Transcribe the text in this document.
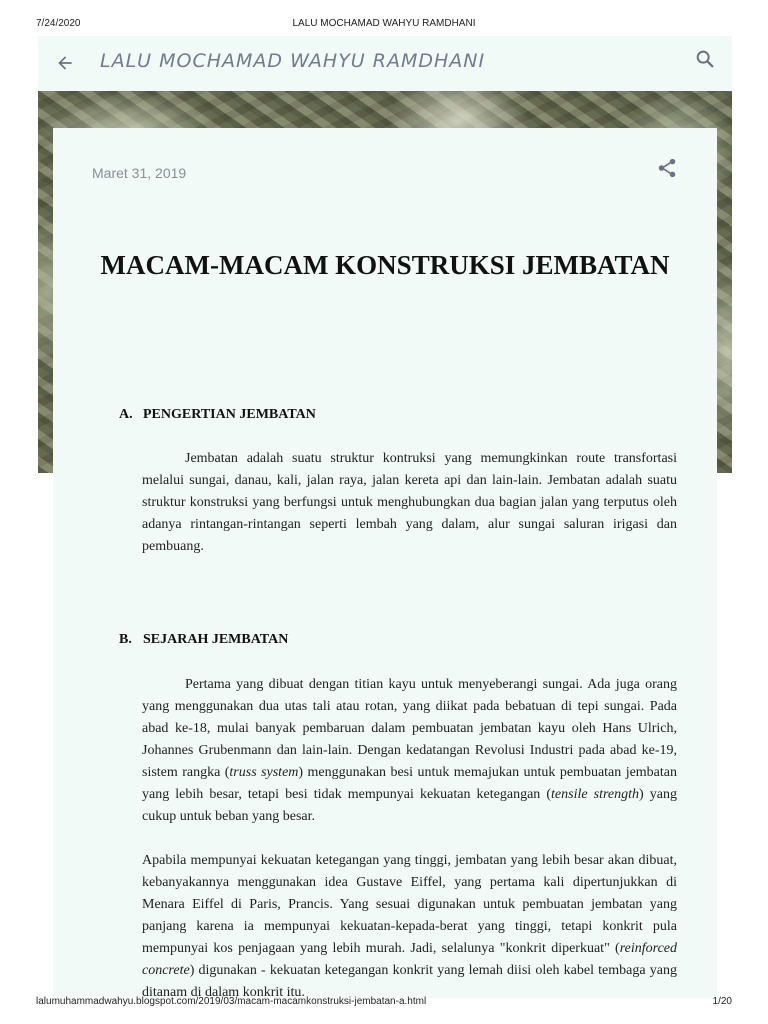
7/24/2020	LALU MOCHAMAD WAHYU RAMDHANI
LALU MOCHAMAD WAHYU RAMDHANI
Maret 31, 2019
MACAM-MACAM KONSTRUKSI JEMBATAN
A. PENGERTIAN JEMBATAN

Jembatan adalah suatu struktur kontruksi yang memungkinkan route transfortasi melalui sungai, danau, kali, jalan raya, jalan kereta api dan lain-lain. Jembatan adalah suatu struktur konstruksi yang berfungsi untuk menghubungkan dua bagian jalan yang terputus oleh adanya rintangan-rintangan seperti lembah yang dalam, alur sungai saluran irigasi dan pembuang.

B. SEJARAH JEMBATAN

Pertama yang dibuat dengan titian kayu untuk menyeberangi sungai. Ada juga orang yang menggunakan dua utas tali atau rotan, yang diikat pada bebatuan di tepi sungai. Pada abad ke-18, mulai banyak pembaruan dalam pembuatan jembatan kayu oleh Hans Ulrich, Johannes Grubenmann dan lain-lain. Dengan kedatangan Revolusi Industri pada abad ke-19, sistem rangka (truss system) menggunakan besi untuk memajukan untuk pembuatan jembatan yang lebih besar, tetapi besi tidak mempunyai kekuatan ketegangan (tensile strength) yang cukup untuk beban yang besar.

Apabila mempunyai kekuatan ketegangan yang tinggi, jembatan yang lebih besar akan dibuat, kebanyakannya menggunakan idea Gustave Eiffel, yang pertama kali dipertunjukkan di Menara Eiffel di Paris, Prancis. Yang sesuai digunakan untuk pembuatan jembatan yang panjang karena ia mempunyai kekuatan-kepada-berat yang tinggi, tetapi konkrit pula mempunyai kos penjagaan yang lebih murah. Jadi, selalunya "konkrit diperkuat" (reinforced concrete) digunakan - kekuatan ketegangan konkrit yang lemah diisi oleh kabel tembaga yang ditanam di dalam konkrit itu.

lalumuhammadwahyu.blogspot.com/2019/03/macam-macamkonstruksi-jembatan-a.html	1/20
